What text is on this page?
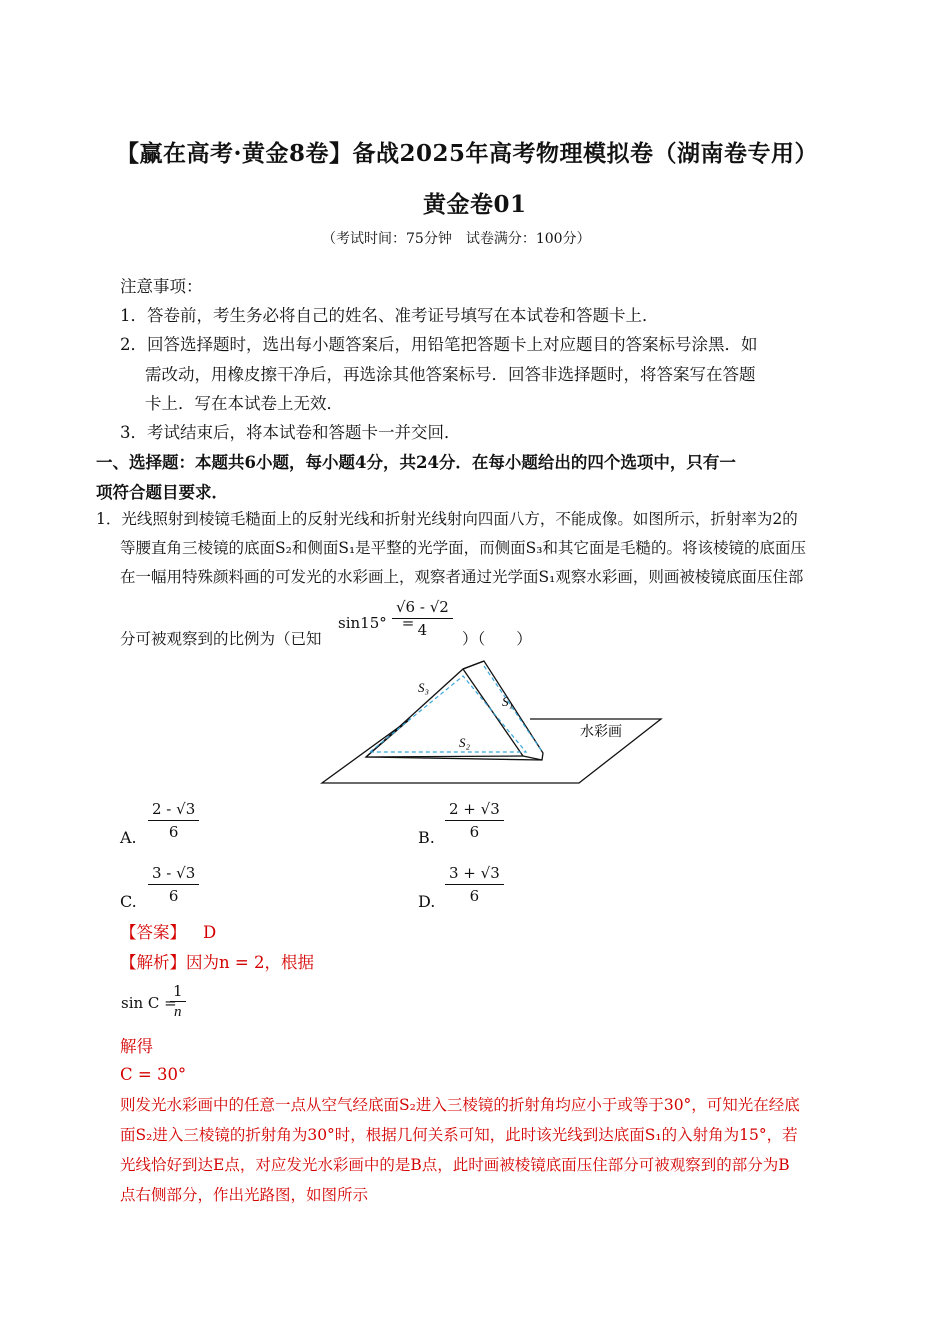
【赢在高考·黄金8卷】备战2025年高考物理模拟卷（湖南卷专用）
黄金卷01
（考试时间：75分钟　试卷满分：100分）
注意事项：
1．答卷前，考生务必将自己的姓名、准考证号填写在本试卷和答题卡上．
2．回答选择题时，选出每小题答案后，用铅笔把答题卡上对应题目的答案标号涂黑．如
需改动，用橡皮擦干净后，再选涂其他答案标号．回答非选择题时，将答案写在答题
卡上．写在本试卷上无效．
3．考试结束后，将本试卷和答题卡一并交回．
一、选择题：本题共6小题，每小题4分，共24分．在每小题给出的四个选项中，只有一
项符合题目要求．
1．光线照射到棱镜毛糙面上的反射光线和折射光线射向四面八方，不能成像。如图所示，折射率为2的
等腰直角三棱镜的底面S₂和侧面S₁是平整的光学面，而侧面S₃和其它面是毛糙的。将该棱镜的底面压
在一幅用特殊颜料画的可发光的水彩画上，观察者通过光学面S₁观察水彩画，则画被棱镜底面压住部
分可被观察到的比例为（已知
sin15°　=
$\frac{√6 - √2}{4}$ ）（　　）
S₃
S₁
S₂
水彩画
A. $\frac{2 - √3}{6}$	B. $\frac{2 + √3}{6}$
C. $\frac{3 - √3}{6}$	D. $\frac{3 + √3}{6}$
【答案】 D
【解析】 因为n = 2，根据
sin C =
$\frac{1}{n}$
解得
C = 30°
则发光水彩画中的任意一点从空气经底面S₂进入三棱镜的折射角均应小于或等于30°，可知光在经底
面S₂进入三棱镜的折射角为30°时，根据几何关系可知，此时该光线到达底面S₁的入射角为15°，若
光线恰好到达E点，对应发光水彩画中的是B点，此时画被棱镜底面压住部分可被观察到的部分为B
点右侧部分，作出光路图，如图所示
